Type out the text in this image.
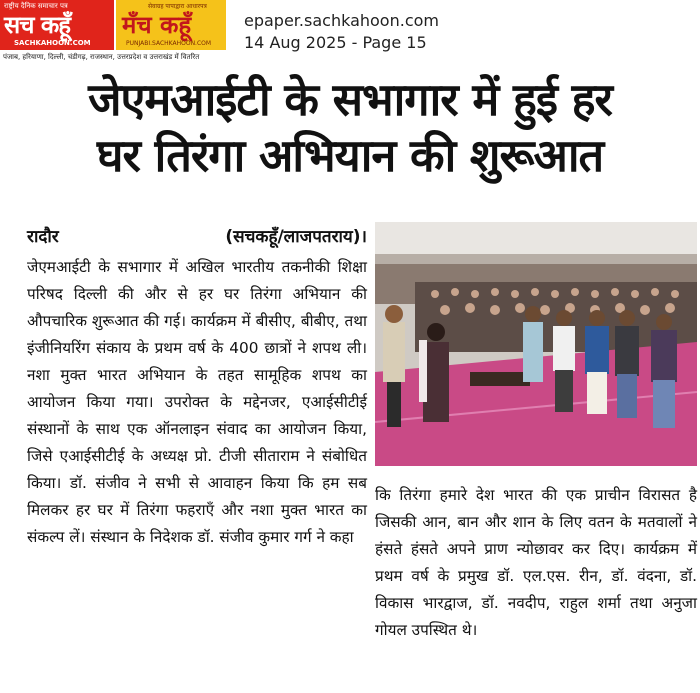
राष्ट्रीय दैनिक समाचार पत्र
सच कहूँ
SACHKAHOON.COM
सेवाग्रह पापाद्वारा आधारपत्र
मँच कहूँ
PUNJABI.SACHKAHOON.COM
पंजाब, हरियाणा, दिल्ली, चंडीगढ़, राजस्थान, उत्तरप्रदेश व उत्तराखंड में वितरित
epaper.sachkahoon.com
14 Aug 2025 - Page 15
जेएमआईटी के सभागार में हुई हर
घर तिरंगा अभियान की शुरूआत
रादौर	(सचकहूँ/लाजपतराय)।
जेएमआईटी के सभागार में अखिल भारतीय तकनीकी शिक्षा परिषद दिल्ली की और से हर घर तिरंगा अभियान की औपचारिक शुरूआत की गई। कार्यक्रम में बीसीए, बीबीए, तथा इंजीनियरिंग संकाय के प्रथम वर्ष के 400 छात्रों ने शपथ ली। नशा मुक्त भारत अभियान के तहत सामूहिक शपथ का आयोजन किया गया। उपरोक्त के मद्देनजर, एआईसीटीई संस्थानों के साथ एक ऑनलाइन संवाद का आयोजन किया, जिसे एआईसीटीई के अध्यक्ष प्रो. टीजी सीताराम ने संबोधित किया। डॉ. संजीव ने सभी से आवाहन किया कि हम सब मिलकर हर घर में तिरंगा फहराएँ और नशा मुक्त भारत का संकल्प लें। संस्थान के निदेशक डॉ. संजीव कुमार गर्ग ने कहा
कि तिरंगा हमारे देश भारत की एक प्राचीन विरासत है जिसकी आन, बान और शान के लिए वतन के मतवालों ने हंसते हंसते अपने प्राण न्योछावर कर दिए। कार्यक्रम में प्रथम वर्ष के प्रमुख डॉ. एल.एस. रीन, डॉ. वंदना, डॉ. विकास भारद्वाज, डॉ. नवदीप, राहुल शर्मा तथा अनुजा गोयल उपस्थित थे।
